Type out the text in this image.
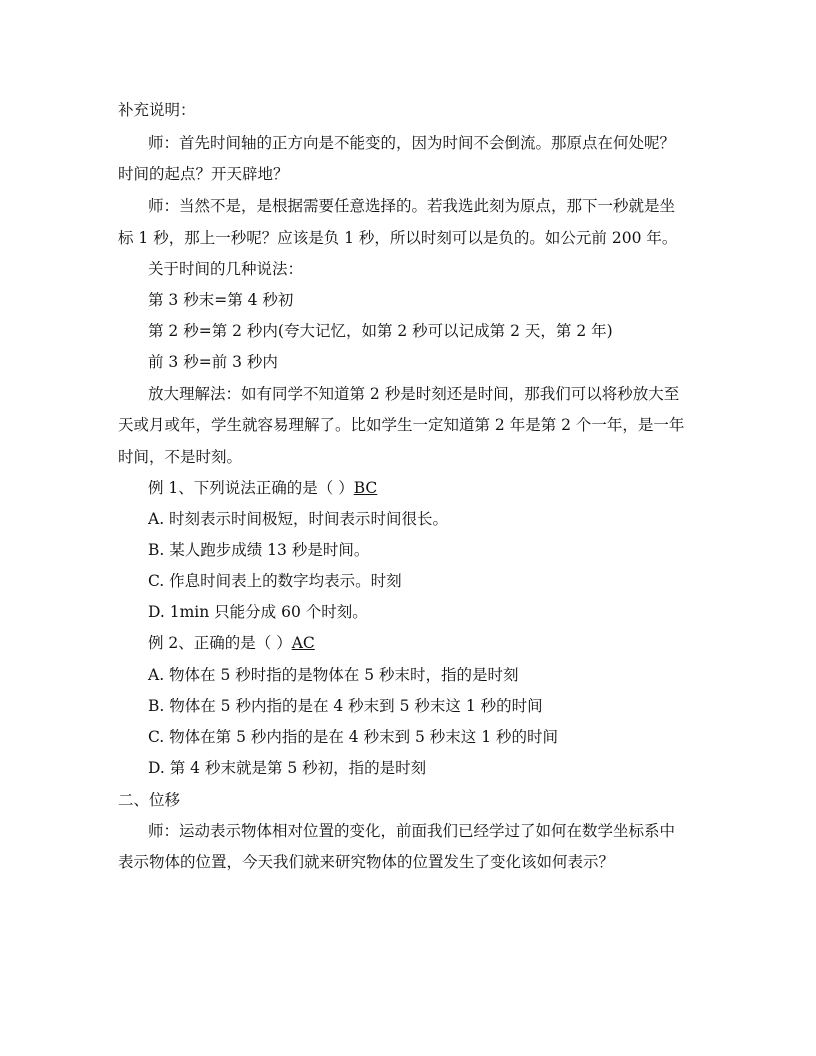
补充说明：
师：首先时间轴的正方向是不能变的，因为时间不会倒流。那原点在何处呢？
时间的起点？开天辟地？
师：当然不是，是根据需要任意选择的。若我选此刻为原点，那下一秒就是坐
标 1 秒，那上一秒呢？应该是负 1 秒，所以时刻可以是负的。如公元前 200 年。
关于时间的几种说法：
第 3 秒末=第 4 秒初
第 2 秒=第 2 秒内(夸大记忆，如第 2 秒可以记成第 2 天，第 2 年)
前 3 秒=前 3 秒内
放大理解法：如有同学不知道第 2 秒是时刻还是时间，那我们可以将秒放大至
天或月或年，学生就容易理解了。比如学生一定知道第 2 年是第 2 个一年，是一年
时间，不是时刻。
例 1、下列说法正确的是（ ）BC
A. 时刻表示时间极短，时间表示时间很长。
B. 某人跑步成绩 13 秒是时间。
C. 作息时间表上的数字均表示。时刻
D. 1min 只能分成 60 个时刻。
例 2、正确的是（ ）AC
A. 物体在 5 秒时指的是物体在 5 秒末时，指的是时刻
B. 物体在 5 秒内指的是在 4 秒末到 5 秒末这 1 秒的时间
C. 物体在第 5 秒内指的是在 4 秒末到 5 秒末这 1 秒的时间
D. 第 4 秒末就是第 5 秒初，指的是时刻
二、位移
师：运动表示物体相对位置的变化，前面我们已经学过了如何在数学坐标系中
表示物体的位置，今天我们就来研究物体的位置发生了变化该如何表示？
